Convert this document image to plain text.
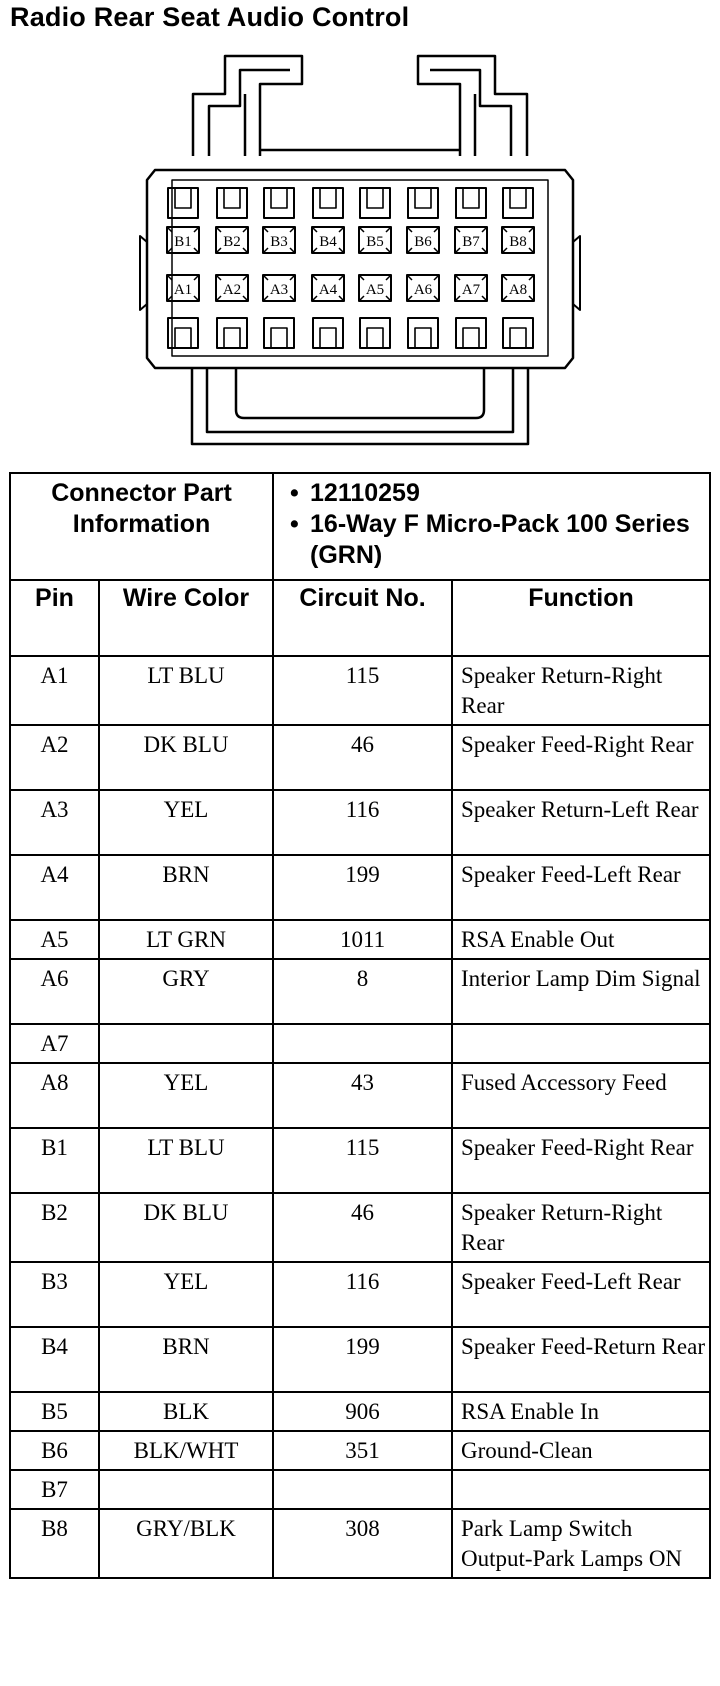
Radio Rear Seat Audio Control
B1 B2 B3 B4 B5 B6 B7 B8
A1 A2 A3 A4 A5 A6 A7 A8
Connector Part Information		• 12110259
• 16-Way F Micro-Pack 100 Series (GRN)	

Pin	Wire Color	Circuit No.	Function

A1	LT BLU	115	Speaker Return-Right Rear
A2	DK BLU	46	Speaker Feed-Right Rear
A3	YEL	116	Speaker Return-Left Rear
A4	BRN	199	Speaker Feed-Left Rear
A5	LT GRN	1011	RSA Enable Out
A6	GRY	8	Interior Lamp Dim Signal
A7			
A8	YEL	43	Fused Accessory Feed
B1	LT BLU	115	Speaker Feed-Right Rear
B2	DK BLU	46	Speaker Return-Right Rear
B3	YEL	116	Speaker Feed-Left Rear
B4	BRN	199	Speaker Feed-Return Rear
B5	BLK	906	RSA Enable In
B6	BLK/WHT	351	Ground-Clean
B7			
B8	GRY/BLK	308	Park Lamp Switch Output-Park Lamps ON
